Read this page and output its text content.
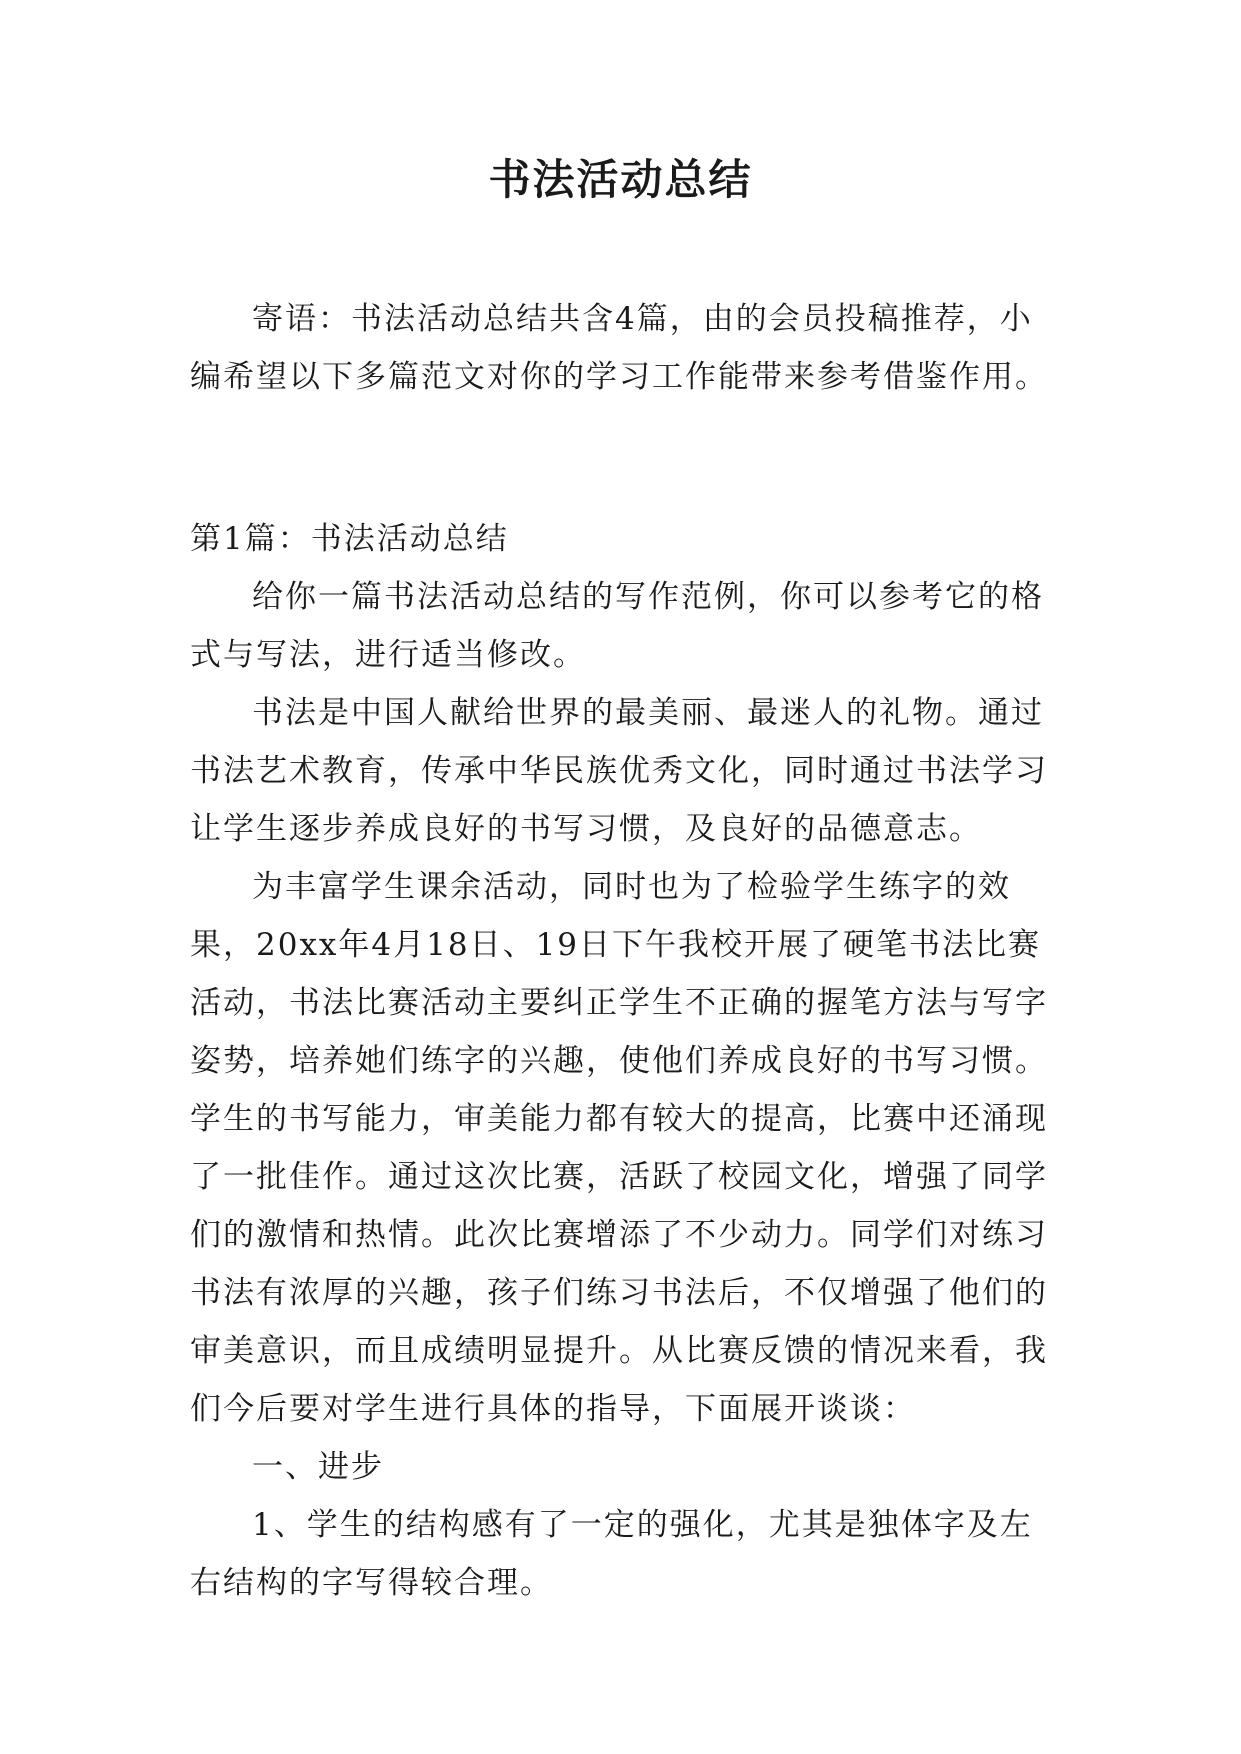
书法活动总结

寄语：书法活动总结共含4篇，由的会员投稿推荐，小编希望以下多篇范文对你的学习工作能带来参考借鉴作用。

第1篇：书法活动总结

给你一篇书法活动总结的写作范例，你可以参考它的格式与写法，进行适当修改。

书法是中国人献给世界的最美丽、最迷人的礼物。通过书法艺术教育，传承中华民族优秀文化，同时通过书法学习让学生逐步养成良好的书写习惯，及良好的品德意志。

为丰富学生课余活动，同时也为了检验学生练字的效果，20xx年4月18日、19日下午我校开展了硬笔书法比赛活动，书法比赛活动主要纠正学生不正确的握笔方法与写字姿势，培养她们练字的兴趣，使他们养成良好的书写习惯。学生的书写能力，审美能力都有较大的提高，比赛中还涌现了一批佳作。通过这次比赛，活跃了校园文化，增强了同学们的激情和热情。此次比赛增添了不少动力。同学们对练习书法有浓厚的兴趣，孩子们练习书法后，不仅增强了他们的审美意识，而且成绩明显提升。从比赛反馈的情况来看，我们今后要对学生进行具体的指导，下面展开谈谈：

一、进步

1、学生的结构感有了一定的强化，尤其是独体字及左右结构的字写得较合理。
